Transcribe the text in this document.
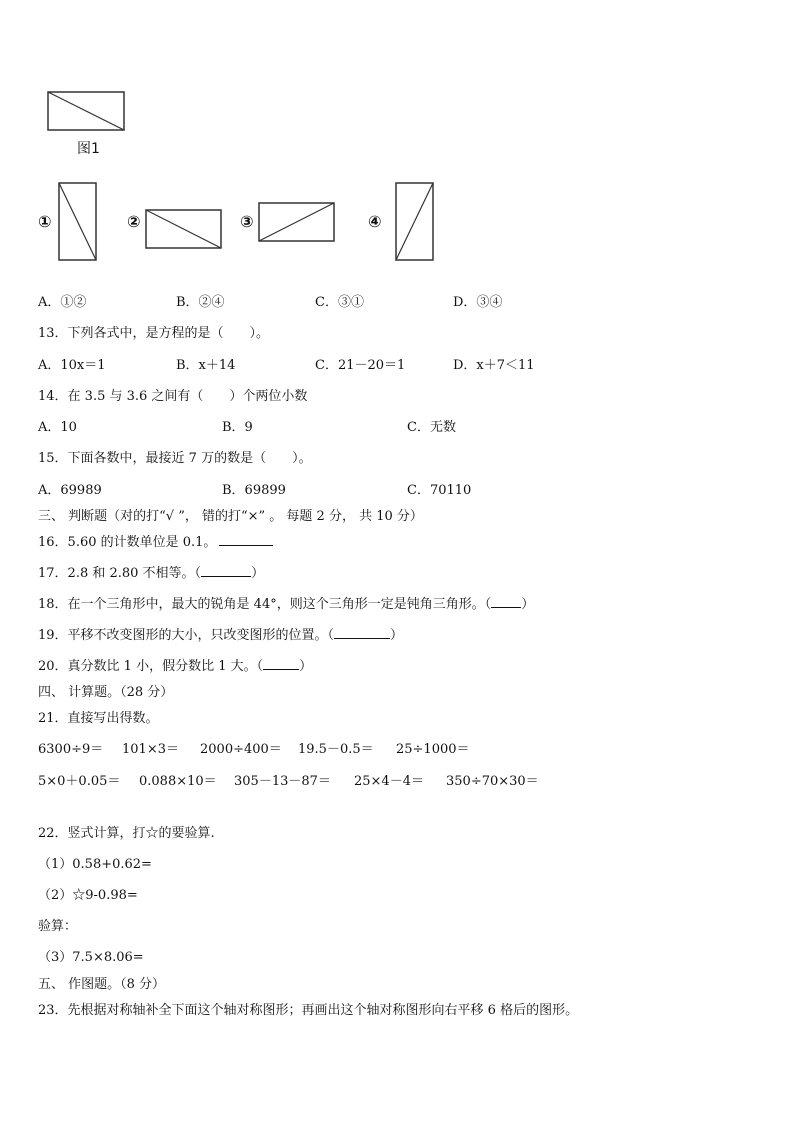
图1
①	②	③	④
A．①②	B．②④	C．③①	D．③④
13．下列各式中，是方程的是（　　）。
A．10x＝1	B．x＋14	C．21－20＝1	D．x＋7＜11
14．在 3.5 与 3.6 之间有（　　）个两位小数
A．10	B．9	C．无数
15．下面各数中，最接近 7 万的数是（　　）。
A．69989	B．69899	C．70110
三、 判断题（对的打“√ ”， 错的打“×” 。 每题 2 分， 共 10 分）
16．5.60 的计数单位是 0.1。
17．2.8 和 2.80 不相等。（	）
18．在一个三角形中，最大的锐角是 44°，则这个三角形一定是钝角三角形。（ ）
19．平移不改变图形的大小，只改变图形的位置。（	）
20．真分数比 1 小，假分数比 1 大。（	）
四、 计算题。（28 分）
21．直接写出得数。
6300÷9＝ 101×3＝ 2000÷400＝ 19.5－0.5＝ 25÷1000＝
5×0＋0.05＝ 0.088×10＝ 305－13－87＝ 25×4－4＝ 350÷70×30＝
22．竖式计算，打☆的要验算.
（1）0.58+0.62=
（2）☆9-0.98=
验算：
（3）7.5×8.06=
五、 作图题。（8 分）
23．先根据对称轴补全下面这个轴对称图形；再画出这个轴对称图形向右平移 6 格后的图形。
